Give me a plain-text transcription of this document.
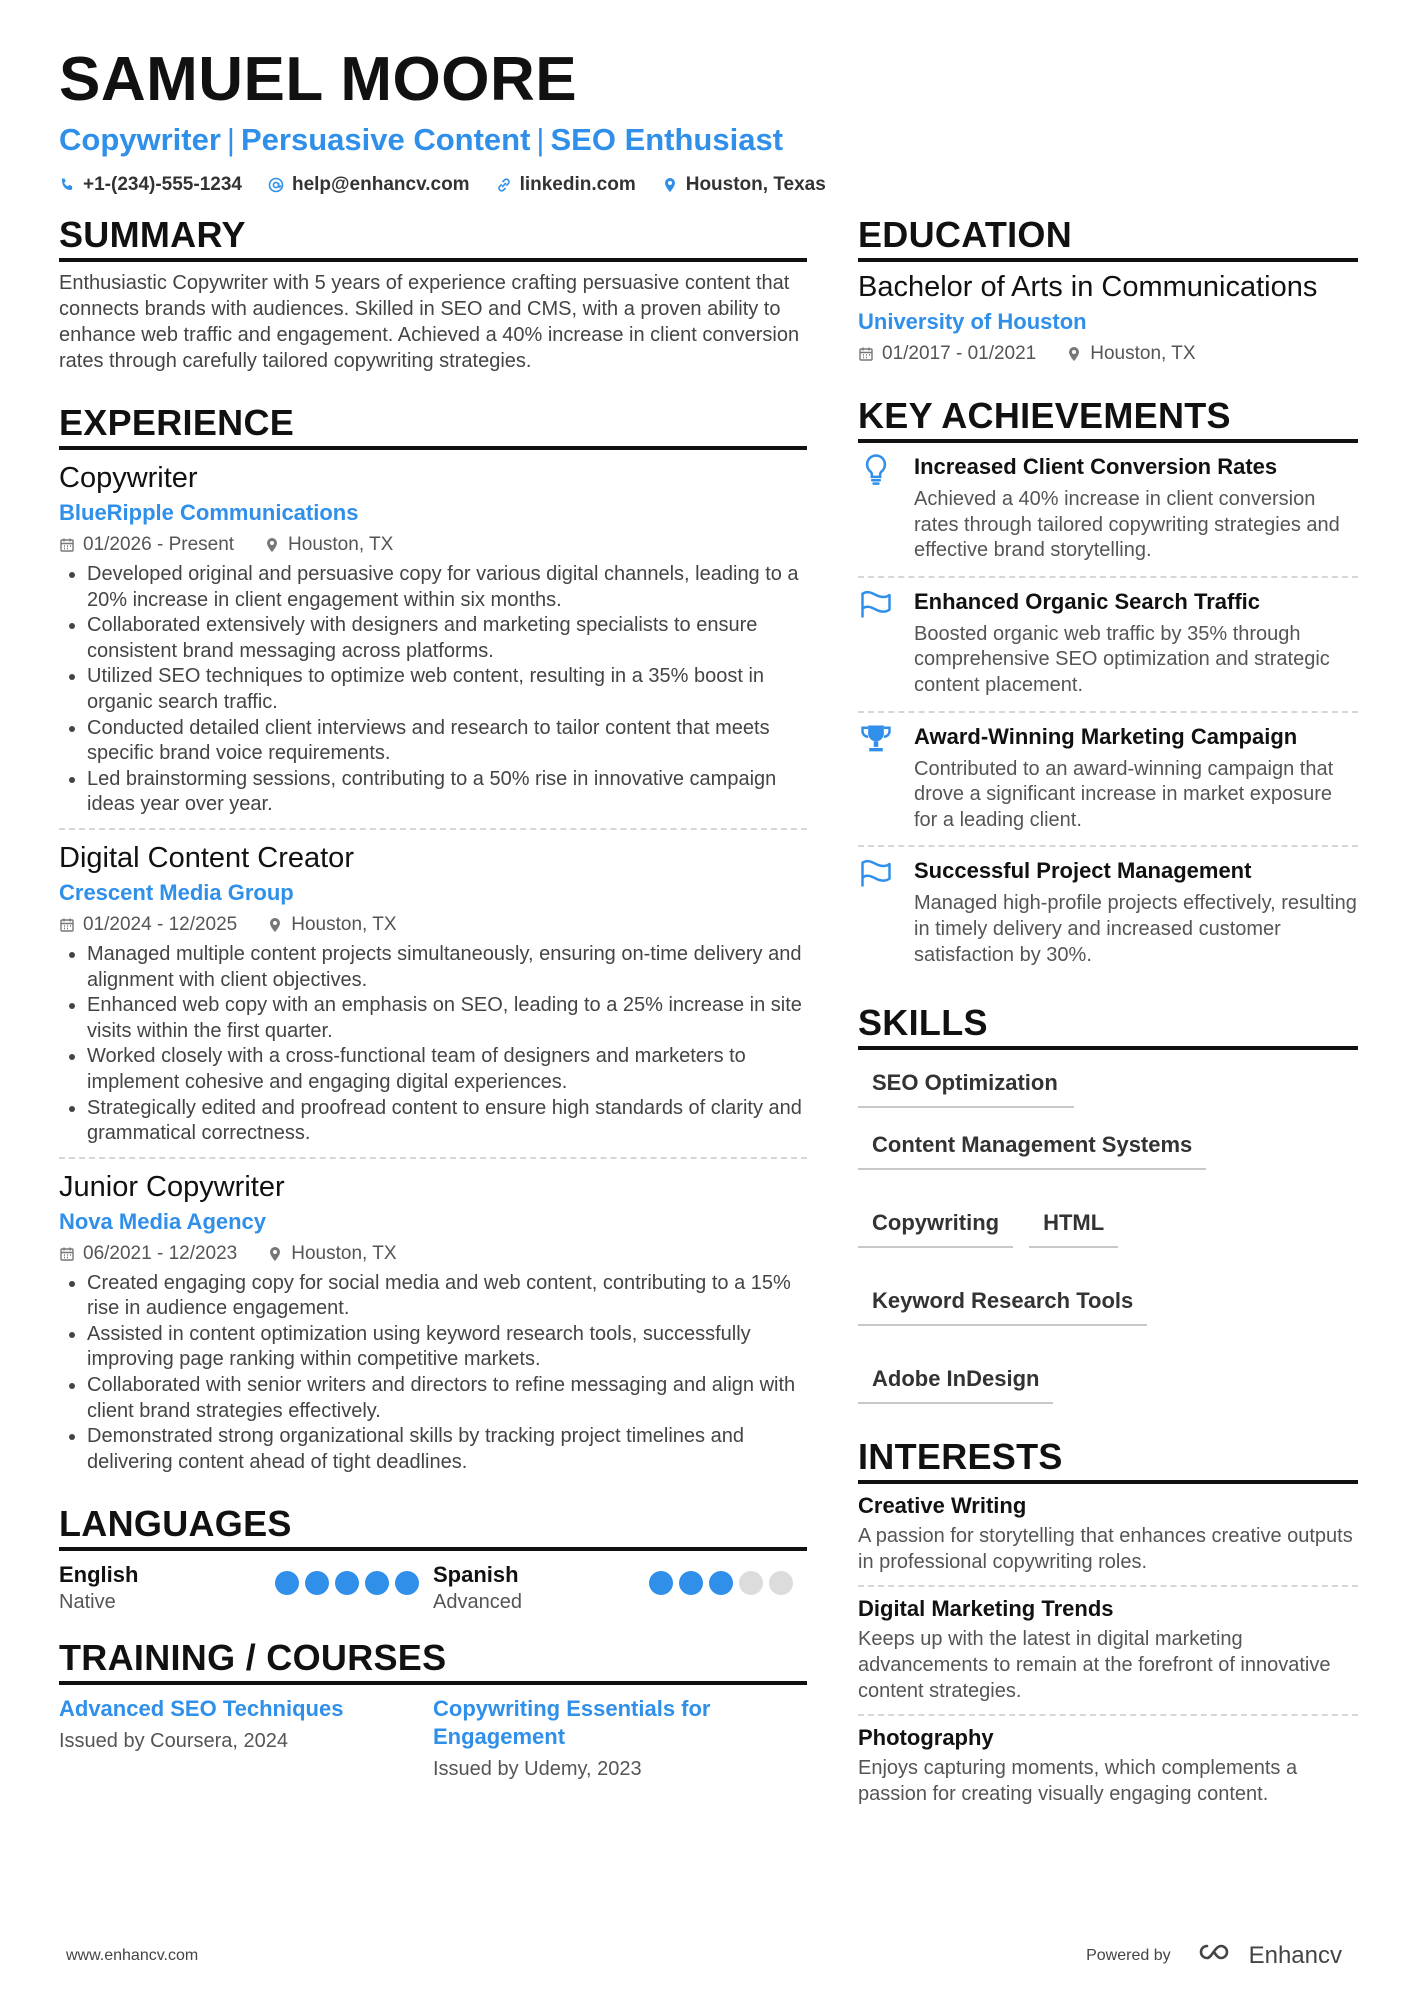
SAMUEL MOORE
Copywriter | Persuasive Content | SEO Enthusiast
+1-(234)-555-1234	help@enhancv.com	linkedin.com	Houston, Texas
SUMMARY
Enthusiastic Copywriter with 5 years of experience crafting persuasive content that connects brands with audiences. Skilled in SEO and CMS, with a proven ability to enhance web traffic and engagement. Achieved a 40% increase in client conversion rates through carefully tailored copywriting strategies.
EXPERIENCE
Copywriter
BlueRipple Communications
01/2026 - Present	Houston, TX
• Developed original and persuasive copy for various digital channels, leading to a 20% increase in client engagement within six months.
• Collaborated extensively with designers and marketing specialists to ensure consistent brand messaging across platforms.
• Utilized SEO techniques to optimize web content, resulting in a 35% boost in organic search traffic.
• Conducted detailed client interviews and research to tailor content that meets specific brand voice requirements.
• Led brainstorming sessions, contributing to a 50% rise in innovative campaign ideas year over year.
Digital Content Creator
Crescent Media Group
01/2024 - 12/2025	Houston, TX
• Managed multiple content projects simultaneously, ensuring on-time delivery and alignment with client objectives.
• Enhanced web copy with an emphasis on SEO, leading to a 25% increase in site visits within the first quarter.
• Worked closely with a cross-functional team of designers and marketers to implement cohesive and engaging digital experiences.
• Strategically edited and proofread content to ensure high standards of clarity and grammatical correctness.
Junior Copywriter
Nova Media Agency
06/2021 - 12/2023	Houston, TX
• Created engaging copy for social media and web content, contributing to a 15% rise in audience engagement.
• Assisted in content optimization using keyword research tools, successfully improving page ranking within competitive markets.
• Collaborated with senior writers and directors to refine messaging and align with client brand strategies effectively.
• Demonstrated strong organizational skills by tracking project timelines and delivering content ahead of tight deadlines.
LANGUAGES
English
Native
Spanish
Advanced
TRAINING / COURSES
Advanced SEO Techniques
Issued by Coursera, 2024
Copywriting Essentials for Engagement
Issued by Udemy, 2023
EDUCATION
Bachelor of Arts in Communications
University of Houston
01/2017 - 01/2021	Houston, TX
KEY ACHIEVEMENTS
Increased Client Conversion Rates
Achieved a 40% increase in client conversion rates through tailored copywriting strategies and effective brand storytelling.
Enhanced Organic Search Traffic
Boosted organic web traffic by 35% through comprehensive SEO optimization and strategic content placement.
Award-Winning Marketing Campaign
Contributed to an award-winning campaign that drove a significant increase in market exposure for a leading client.
Successful Project Management
Managed high-profile projects effectively, resulting in timely delivery and increased customer satisfaction by 30%.
SKILLS
SEO Optimization
Content Management Systems
Copywriting	HTML
Keyword Research Tools
Adobe InDesign
INTERESTS
Creative Writing
A passion for storytelling that enhances creative outputs in professional copywriting roles.
Digital Marketing Trends
Keeps up with the latest in digital marketing advancements to remain at the forefront of innovative content strategies.
Photography
Enjoys capturing moments, which complements a passion for creating visually engaging content.
www.enhancv.com	Powered by	Enhancv
